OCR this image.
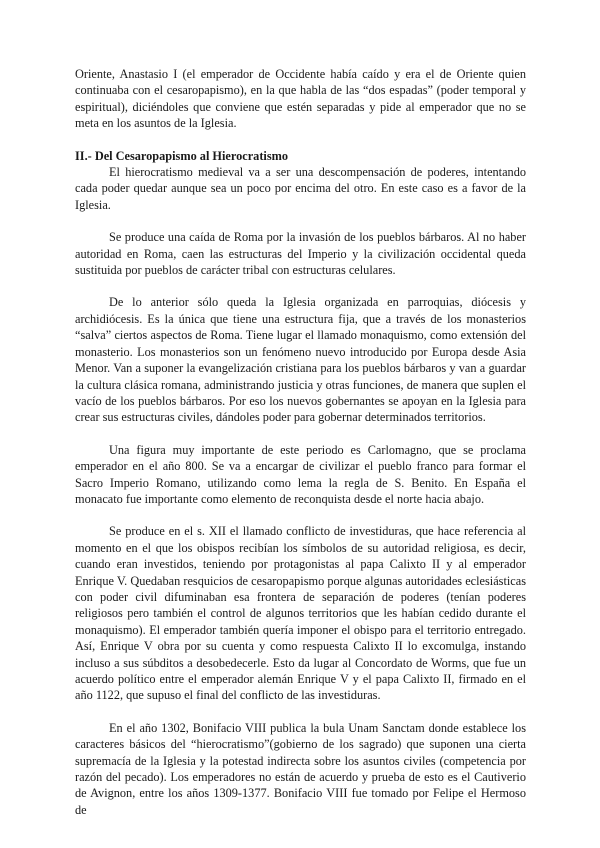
Oriente, Anastasio I (el emperador de Occidente había caído y era el de Oriente quien continuaba con el cesaropapismo), en la que habla de las “dos espadas” (poder temporal y espiritual), diciéndoles que conviene que estén separadas y pide al emperador que no se meta en los asuntos de la Iglesia.

II.- Del Cesaropapismo al Hierocratismo

El hierocratismo medieval va a ser una descompensación de poderes, intentando cada poder quedar aunque sea un poco por encima del otro. En este caso es a favor de la Iglesia.

Se produce una caída de Roma por la invasión de los pueblos bárbaros. Al no haber autoridad en Roma, caen las estructuras del Imperio y la civilización occidental queda sustituida por pueblos de carácter tribal con estructuras celulares.

De lo anterior sólo queda la Iglesia organizada en parroquias, diócesis y archidiócesis. Es la única que tiene una estructura fija, que a través de los monasterios “salva” ciertos aspectos de Roma. Tiene lugar el llamado monaquismo, como extensión del monasterio. Los monasterios son un fenómeno nuevo introducido por Europa desde Asia Menor. Van a suponer la evangelización cristiana para los pueblos bárbaros y van a guardar la cultura clásica romana, administrando justicia y otras funciones, de manera que suplen el vacío de los pueblos bárbaros. Por eso los nuevos gobernantes se apoyan en la Iglesia para crear sus estructuras civiles, dándoles poder para gobernar determinados territorios.

Una figura muy importante de este periodo es Carlomagno, que se proclama emperador en el año 800. Se va a encargar de civilizar el pueblo franco para formar el Sacro Imperio Romano, utilizando como lema la regla de S. Benito. En España el monacato fue importante como elemento de reconquista desde el norte hacia abajo.

Se produce en el s. XII el llamado conflicto de investiduras, que hace referencia al momento en el que los obispos recibían los símbolos de su autoridad religiosa, es decir, cuando eran investidos, teniendo por protagonistas al papa Calixto II y al emperador Enrique V. Quedaban resquicios de cesaropapismo porque algunas autoridades eclesiásticas con poder civil difuminaban esa frontera de separación de poderes (tenían poderes religiosos pero también el control de algunos territorios que les habían cedido durante el monaquismo). El emperador también quería imponer el obispo para el territorio entregado. Así, Enrique V obra por su cuenta y como respuesta Calixto II lo excomulga, instando incluso a sus súbditos a desobedecerle. Esto da lugar al Concordato de Worms, que fue un acuerdo político entre el emperador alemán Enrique V y el papa Calixto II, firmado en el año 1122, que supuso el final del conflicto de las investiduras.

En el año 1302, Bonifacio VIII publica la bula Unam Sanctam donde establece los caracteres básicos del “hierocratismo”(gobierno de los sagrado) que suponen una cierta supremacía de la Iglesia y la potestad indirecta sobre los asuntos civiles (competencia por razón del pecado). Los emperadores no están de acuerdo y prueba de esto es el Cautiverio de Avignon, entre los años 1309-1377. Bonifacio VIII fue tomado por Felipe el Hermoso de
